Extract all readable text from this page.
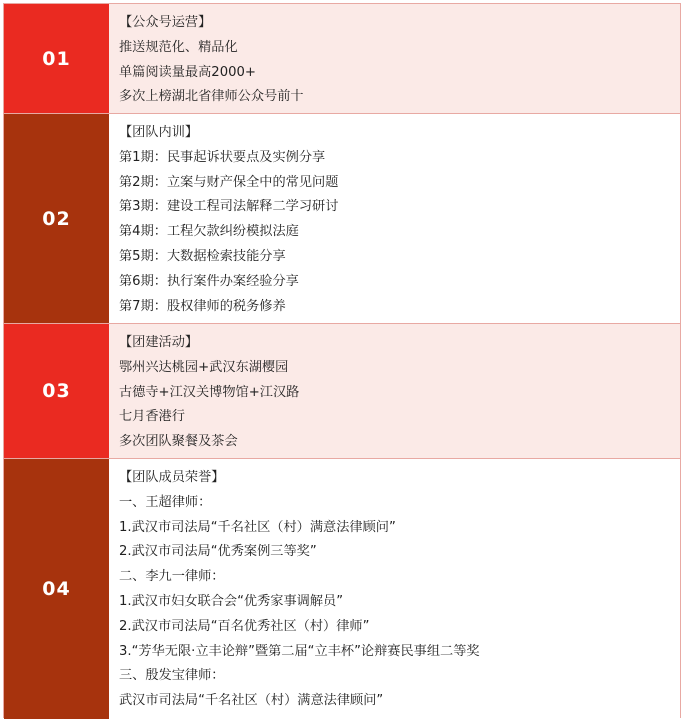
01
【公众号运营】
推送规范化、精品化
单篇阅读量最高2000+
多次上榜湖北省律师公众号前十
02
【团队内训】
第1期：民事起诉状要点及实例分享
第2期：立案与财产保全中的常见问题
第3期：建设工程司法解释二学习研讨
第4期：工程欠款纠纷模拟法庭
第5期：大数据检索技能分享
第6期：执行案件办案经验分享
第7期：股权律师的税务修养
03
【团建活动】
鄂州兴达桃园+武汉东湖樱园
古德寺+江汉关博物馆+江汉路
七月香港行
多次团队聚餐及茶会
04
【团队成员荣誉】
一、王超律师：
1.武汉市司法局“千名社区（村）满意法律顾问”
2.武汉市司法局“优秀案例三等奖”
二、李九一律师：
1.武汉市妇女联合会“优秀家事调解员”
2.武汉市司法局“百名优秀社区（村）律师”
3.“芳华无限·立丰论辩”暨第二届“立丰杯”论辩赛民事组二等奖
三、殷发宝律师：
武汉市司法局“千名社区（村）满意法律顾问”
